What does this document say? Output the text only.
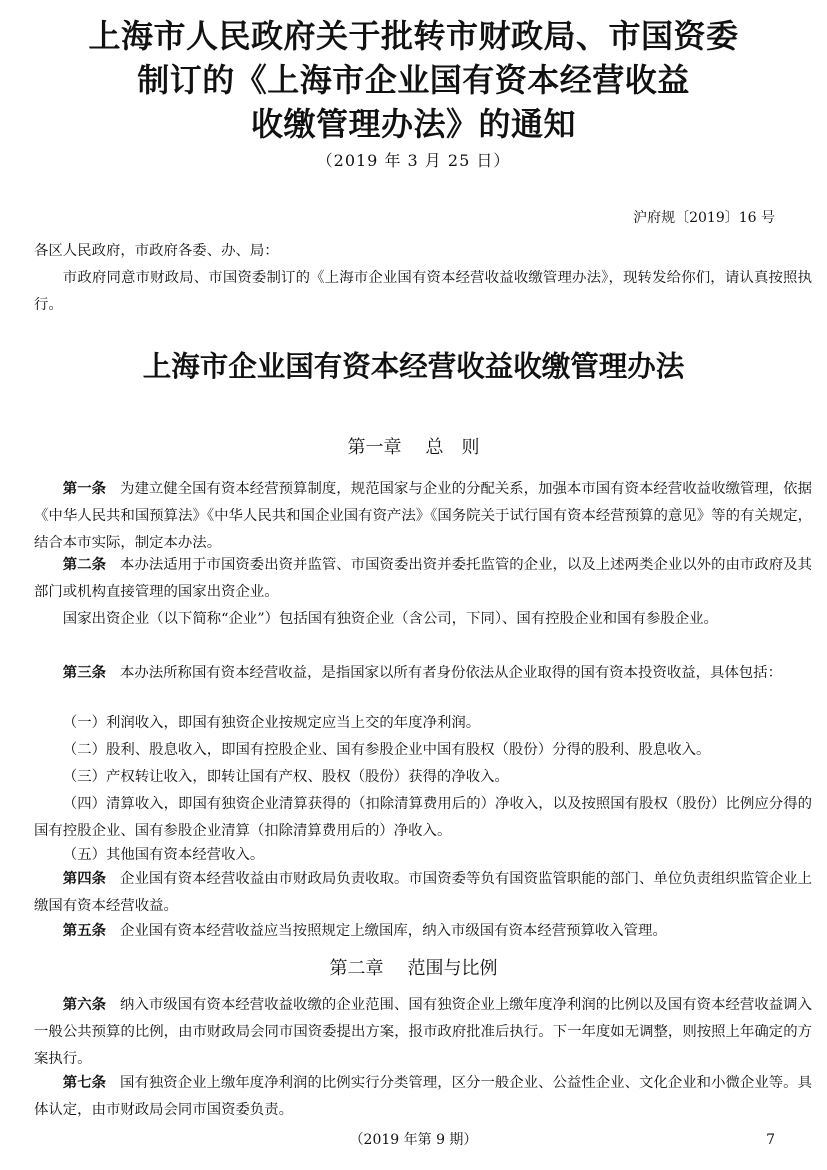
上海市人民政府关于批转市财政局、市国资委
制订的《上海市企业国有资本经营收益
收缴管理办法》的通知
（2019 年 3 月 25 日）
沪府规〔2019〕16 号

各区人民政府，市政府各委、办、局：

市政府同意市财政局、市国资委制订的《上海市企业国有资本经营收益收缴管理办法》，现转发给你们，请认真按照执行。

上海市企业国有资本经营收益收缴管理办法
第一章 总　则

第一条 为建立健全国有资本经营预算制度，规范国家与企业的分配关系，加强本市国有资本经营收益收缴管理，依据《中华人民共和国预算法》《中华人民共和国企业国有资产法》《国务院关于试行国有资本经营预算的意见》等的有关规定，结合本市实际，制定本办法。

第二条 本办法适用于市国资委出资并监管、市国资委出资并委托监管的企业，以及上述两类企业以外的由市政府及其部门或机构直接管理的国家出资企业。

国家出资企业（以下简称“企业”）包括国有独资企业（含公司，下同）、国有控股企业和国有参股企业。

第三条 本办法所称国有资本经营收益，是指国家以所有者身份依法从企业取得的国有资本投资收益，具体包括：

（一）利润收入，即国有独资企业按规定应当上交的年度净利润。

（二）股利、股息收入，即国有控股企业、国有参股企业中国有股权（股份）分得的股利、股息收入。

（三）产权转让收入，即转让国有产权、股权（股份）获得的净收入。

（四）清算收入，即国有独资企业清算获得的（扣除清算费用后的）净收入，以及按照国有股权（股份）比例应分得的国有控股企业、国有参股企业清算（扣除清算费用后的）净收入。

（五）其他国有资本经营收入。

第四条 企业国有资本经营收益由市财政局负责收取。市国资委等负有国资监管职能的部门、单位负责组织监管企业上缴国有资本经营收益。

第五条 企业国有资本经营收益应当按照规定上缴国库，纳入市级国有资本经营预算收入管理。

第二章 范围与比例

第六条 纳入市级国有资本经营收益收缴的企业范围、国有独资企业上缴年度净利润的比例以及国有资本经营收益调入一般公共预算的比例，由市财政局会同市国资委提出方案，报市政府批准后执行。下一年度如无调整，则按照上年确定的方案执行。

第七条 国有独资企业上缴年度净利润的比例实行分类管理，区分一般企业、公益性企业、文化企业和小微企业等。具体认定，由市财政局会同市国资委负责。

（2019 年第 9 期）	7
